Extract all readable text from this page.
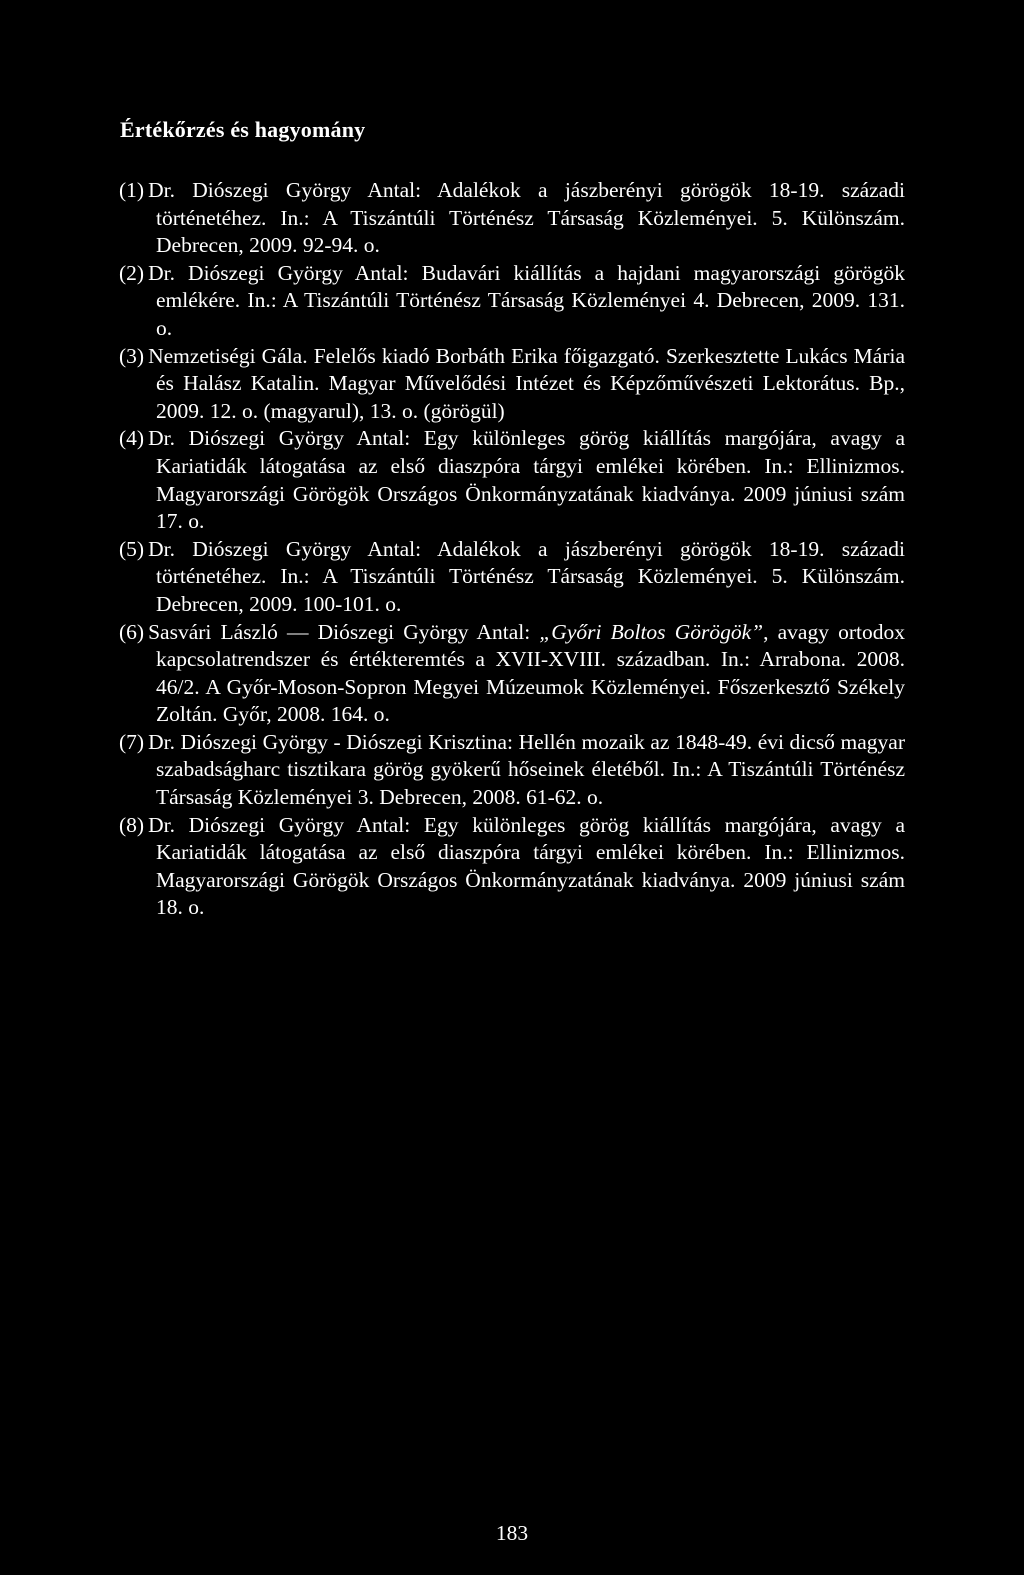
Értékőrzés és hagyomány
(1) Dr. Diószegi György Antal: Adalékok a jászberényi görögök 18-19. századi történetéhez. In.: A Tiszántúli Történész Társaság Közleményei. 5. Különszám. Debrecen, 2009. 92-94. o.
(2) Dr. Diószegi György Antal: Budavári kiállítás a hajdani magyarországi görögök emlékére. In.: A Tiszántúli Történész Társaság Közleményei 4. Debrecen, 2009. 131. o.
(3) Nemzetiségi Gála. Felelős kiadó Borbáth Erika főigazgató. Szerkesztette Lukács Mária és Halász Katalin. Magyar Művelődési Intézet és Képzőművészeti Lektorátus. Bp., 2009. 12. o. (magyarul), 13. o. (görögül)
(4) Dr. Diószegi György Antal: Egy különleges görög kiállítás margójára, avagy a Kariatidák látogatása az első diaszpóra tárgyi emlékei körében. In.: Ellinizmos. Magyarországi Görögök Országos Önkormányzatának kiadványa. 2009 júniusi szám 17. o.
(5) Dr. Diószegi György Antal: Adalékok a jászberényi görögök 18-19. századi történetéhez. In.: A Tiszántúli Történész Társaság Közleményei. 5. Különszám. Debrecen, 2009. 100-101. o.
(6) Sasvári László — Diószegi György Antal: „Győri Boltos Görögök”, avagy ortodox kapcsolatrendszer és értékteremtés a XVII-XVIII. században. In.: Arrabona. 2008. 46/2. A Győr-Moson-Sopron Megyei Múzeumok Közleményei. Főszerkesztő Székely Zoltán. Győr, 2008. 164. o.
(7) Dr. Diószegi György - Diószegi Krisztina: Hellén mozaik az 1848-49. évi dicső magyar szabadságharc tisztikara görög gyökerű hőseinek életéből. In.: A Tiszántúli Történész Társaság Közleményei 3. Debrecen, 2008. 61-62. o.
(8) Dr. Diószegi György Antal: Egy különleges görög kiállítás margójára, avagy a Kariatidák látogatása az első diaszpóra tárgyi emlékei körében. In.: Ellinizmos. Magyarországi Görögök Országos Önkormányzatának kiadványa. 2009 júniusi szám 18. o.
183
